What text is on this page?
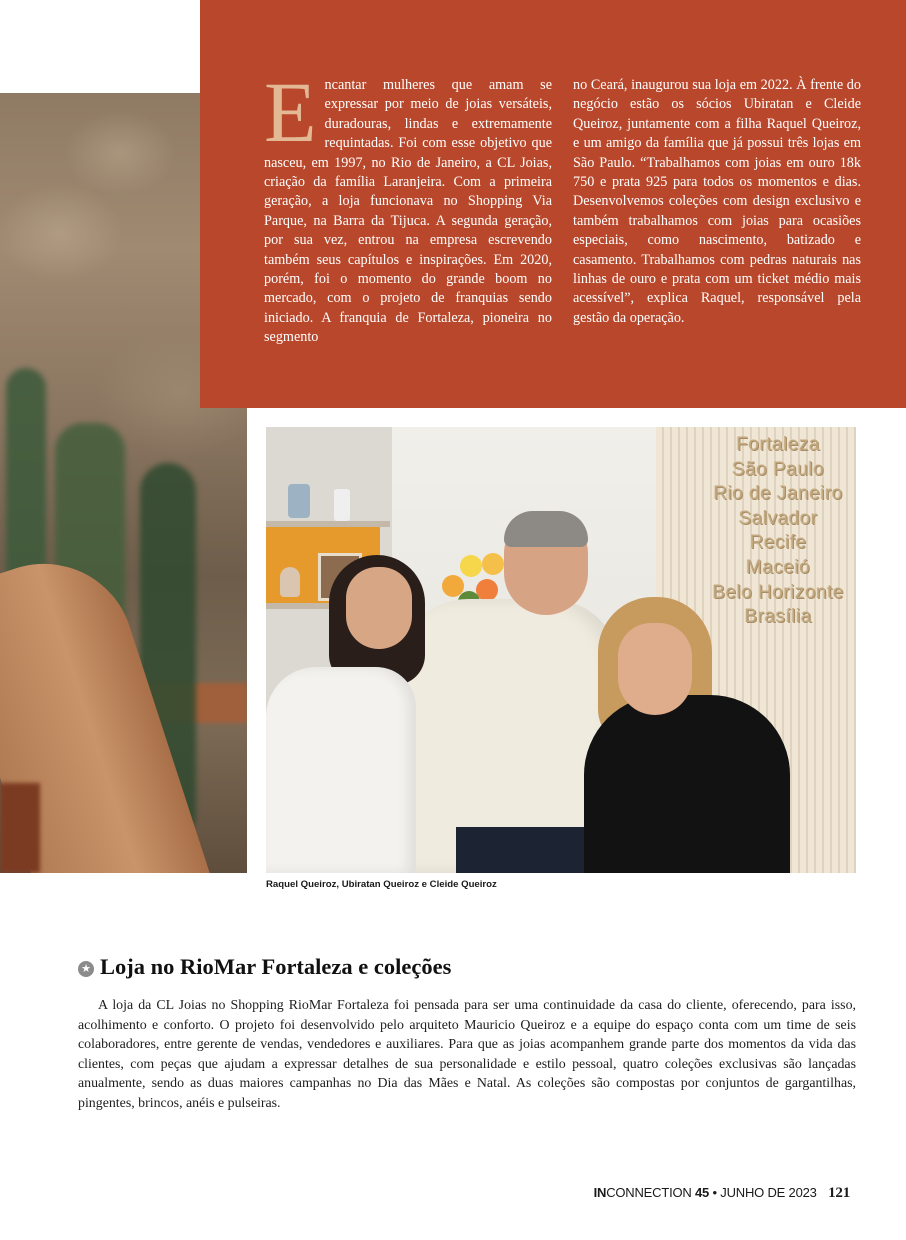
Encantar mulheres que amam se expressar por meio de joias versáteis, duradouras, lindas e extremamente requintadas. Foi com esse objetivo que nasceu, em 1997, no Rio de Janeiro, a CL Joias, criação da família Laranjeira. Com a primeira geração, a loja funcionava no Shopping Via Parque, na Barra da Tijuca. A segunda geração, por sua vez, entrou na empresa escrevendo também seus capítulos e inspirações. Em 2020, porém, foi o momento do grande boom no mercado, com o projeto de franquias sendo iniciado. A franquia de Fortaleza, pioneira no segmento

no Ceará, inaugurou sua loja em 2022. À frente do negócio estão os sócios Ubiratan e Cleide Queiroz, juntamente com a filha Raquel Queiroz, e um amigo da família que já possui três lojas em São Paulo. “Trabalhamos com joias em ouro 18k 750 e prata 925 para todos os momentos e dias. Desenvolvemos coleções com design exclusivo e também trabalhamos com joias para ocasiões especiais, como nascimento, batizado e casamento. Trabalhamos com pedras naturais nas linhas de ouro e prata com um ticket médio mais acessível”, explica Raquel, responsável pela gestão da operação.

Fortaleza
São Paulo
Rio de Janeiro
Salvador
Recife
Maceió
Belo Horizonte
Brasília
Raquel Queiroz, Ubiratan Queiroz e Cleide Queiroz
★ Loja no RioMar Fortaleza e coleções

A loja da CL Joias no Shopping RioMar Fortaleza foi pensada para ser uma continuidade da casa do cliente, oferecendo, para isso, acolhimento e conforto. O projeto foi desenvolvido pelo arquiteto Mauricio Queiroz e a equipe do espaço conta com um time de seis colaboradores, entre gerente de vendas, vendedores e auxiliares. Para que as joias acompanhem grande parte dos momentos da vida das clientes, com peças que ajudam a expressar detalhes de sua personalidade e estilo pessoal, quatro coleções exclusivas são lançadas anualmente, sendo as duas maiores campanhas no Dia das Mães e Natal. As coleções são compostas por conjuntos de gargantilhas, pingentes, brincos, anéis e pulseiras.

INCONNECTION 45 • JUNHO DE 2023 121
